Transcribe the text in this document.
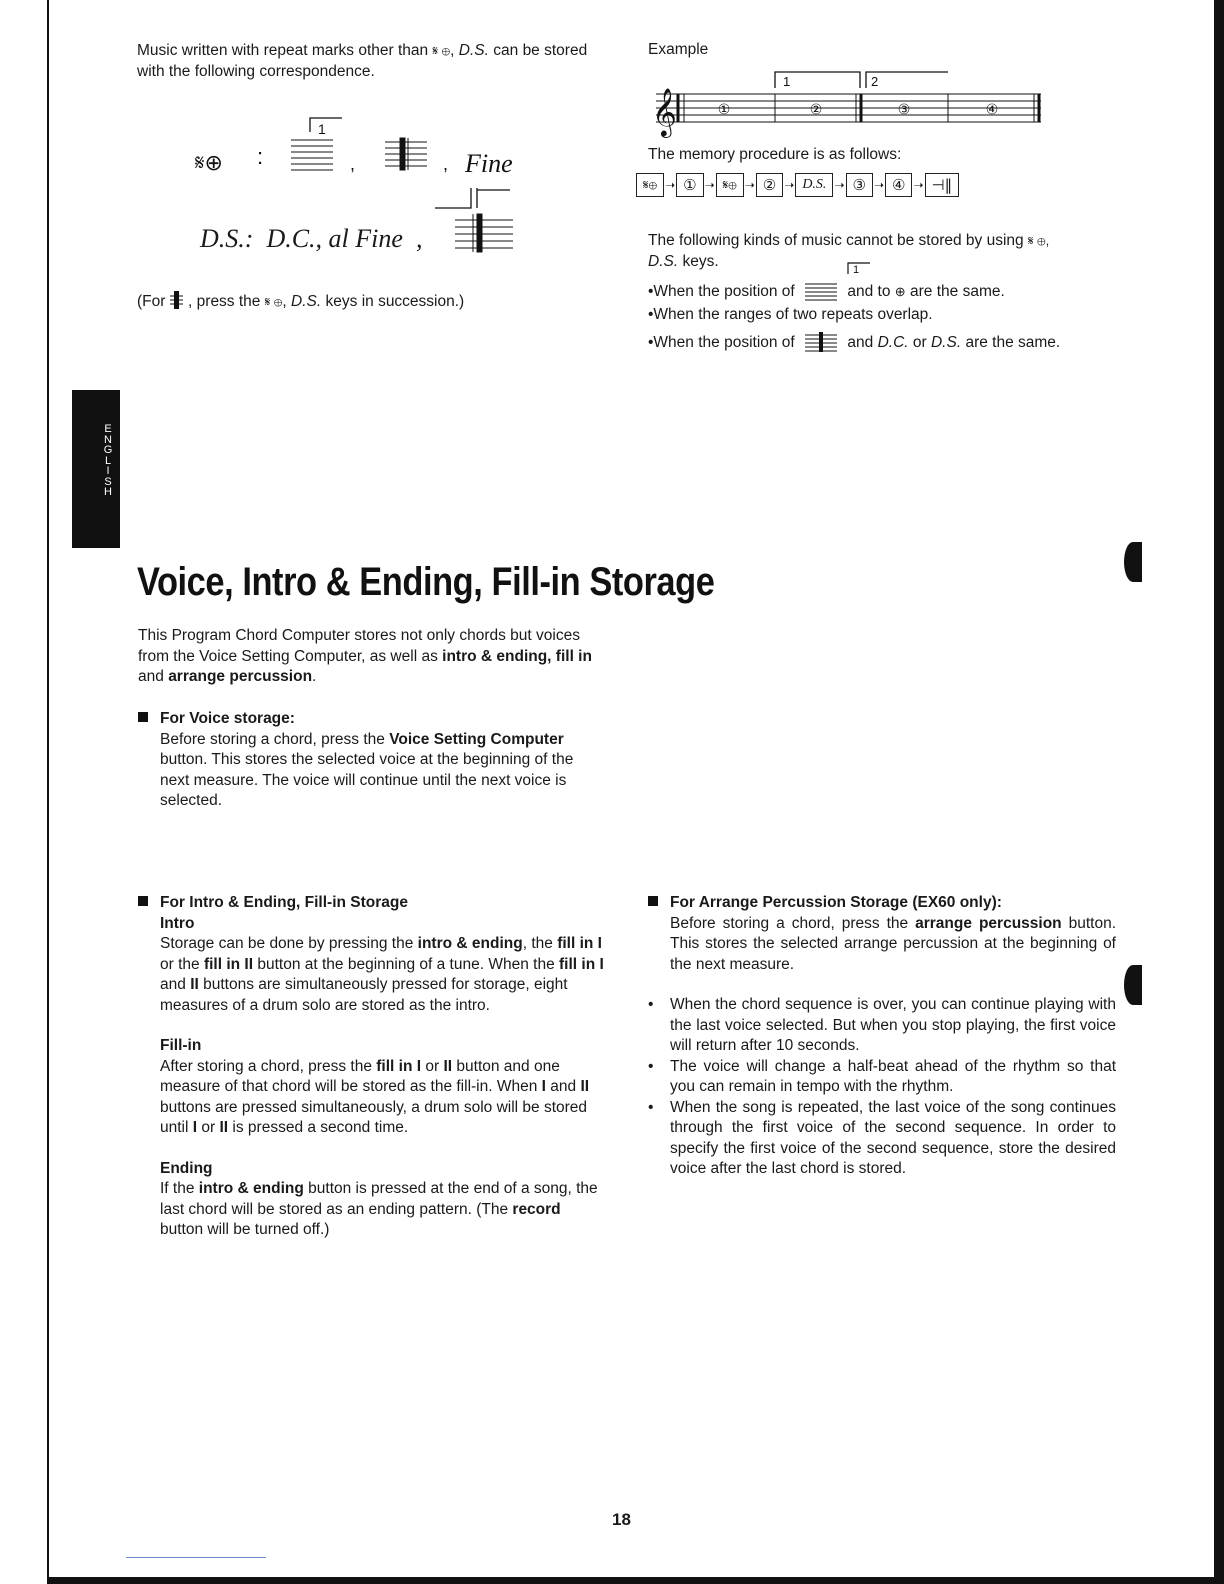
E
N
G
L
I
S
H
Music written with repeat marks other than 𝄋 ⊕, D.S. can be stored with the following correspondence.
𝄋⊕ :
1
,	, Fine
D.S.: D.C., al Fine ,
(For , press the 𝄋 ⊕, D.S. keys in succession.)
Example
1	2
𝄞	①	②	③	④
The memory procedure is as follows:
𝄋⊕ ➝ ① ➝ 𝄋⊕ ➝ ② ➝ D.S. ➝ ③ ➝ ④ ➝ ⊣‖
The following kinds of music cannot be stored by using 𝄋 ⊕,
D.S. keys.
1
•When the position of	and to ⊕ are the same.
•When the ranges of two repeats overlap.
•When the position of	and D.C. or D.S. are the same.
Voice, Intro & Ending, Fill-in Storage
This Program Chord Computer stores not only chords but voices from the Voice Setting Computer, as well as intro & ending, fill in and arrange percussion.
For Voice storage:
Before storing a chord, press the Voice Setting Computer button. This stores the selected voice at the beginning of the next measure. The voice will continue until the next voice is selected.
For Intro & Ending, Fill-in Storage
Intro
Storage can be done by pressing the intro & ending, the fill in I or the fill in II button at the beginning of a tune. When the fill in I and II buttons are simultaneously pressed for storage, eight measures of a drum solo are stored as the intro.
Fill-in
After storing a chord, press the fill in I or II button and one measure of that chord will be stored as the fill-in. When I and II buttons are pressed simultaneously, a drum solo will be stored until I or II is pressed a second time.
Ending
If the intro & ending button is pressed at the end of a song, the last chord will be stored as an ending pattern. (The record button will be turned off.)
For Arrange Percussion Storage (EX60 only):
Before storing a chord, press the arrange percussion button. This stores the selected arrange percussion at the beginning of the next measure.
• When the chord sequence is over, you can continue playing with the last voice selected. But when you stop playing, the first voice will return after 10 seconds.
• The voice will change a half-beat ahead of the rhythm so that you can remain in tempo with the rhythm.
• When the song is repeated, the last voice of the song continues through the first voice of the second sequence. In order to specify the first voice of the second sequence, store the desired voice after the last chord is stored.
18
